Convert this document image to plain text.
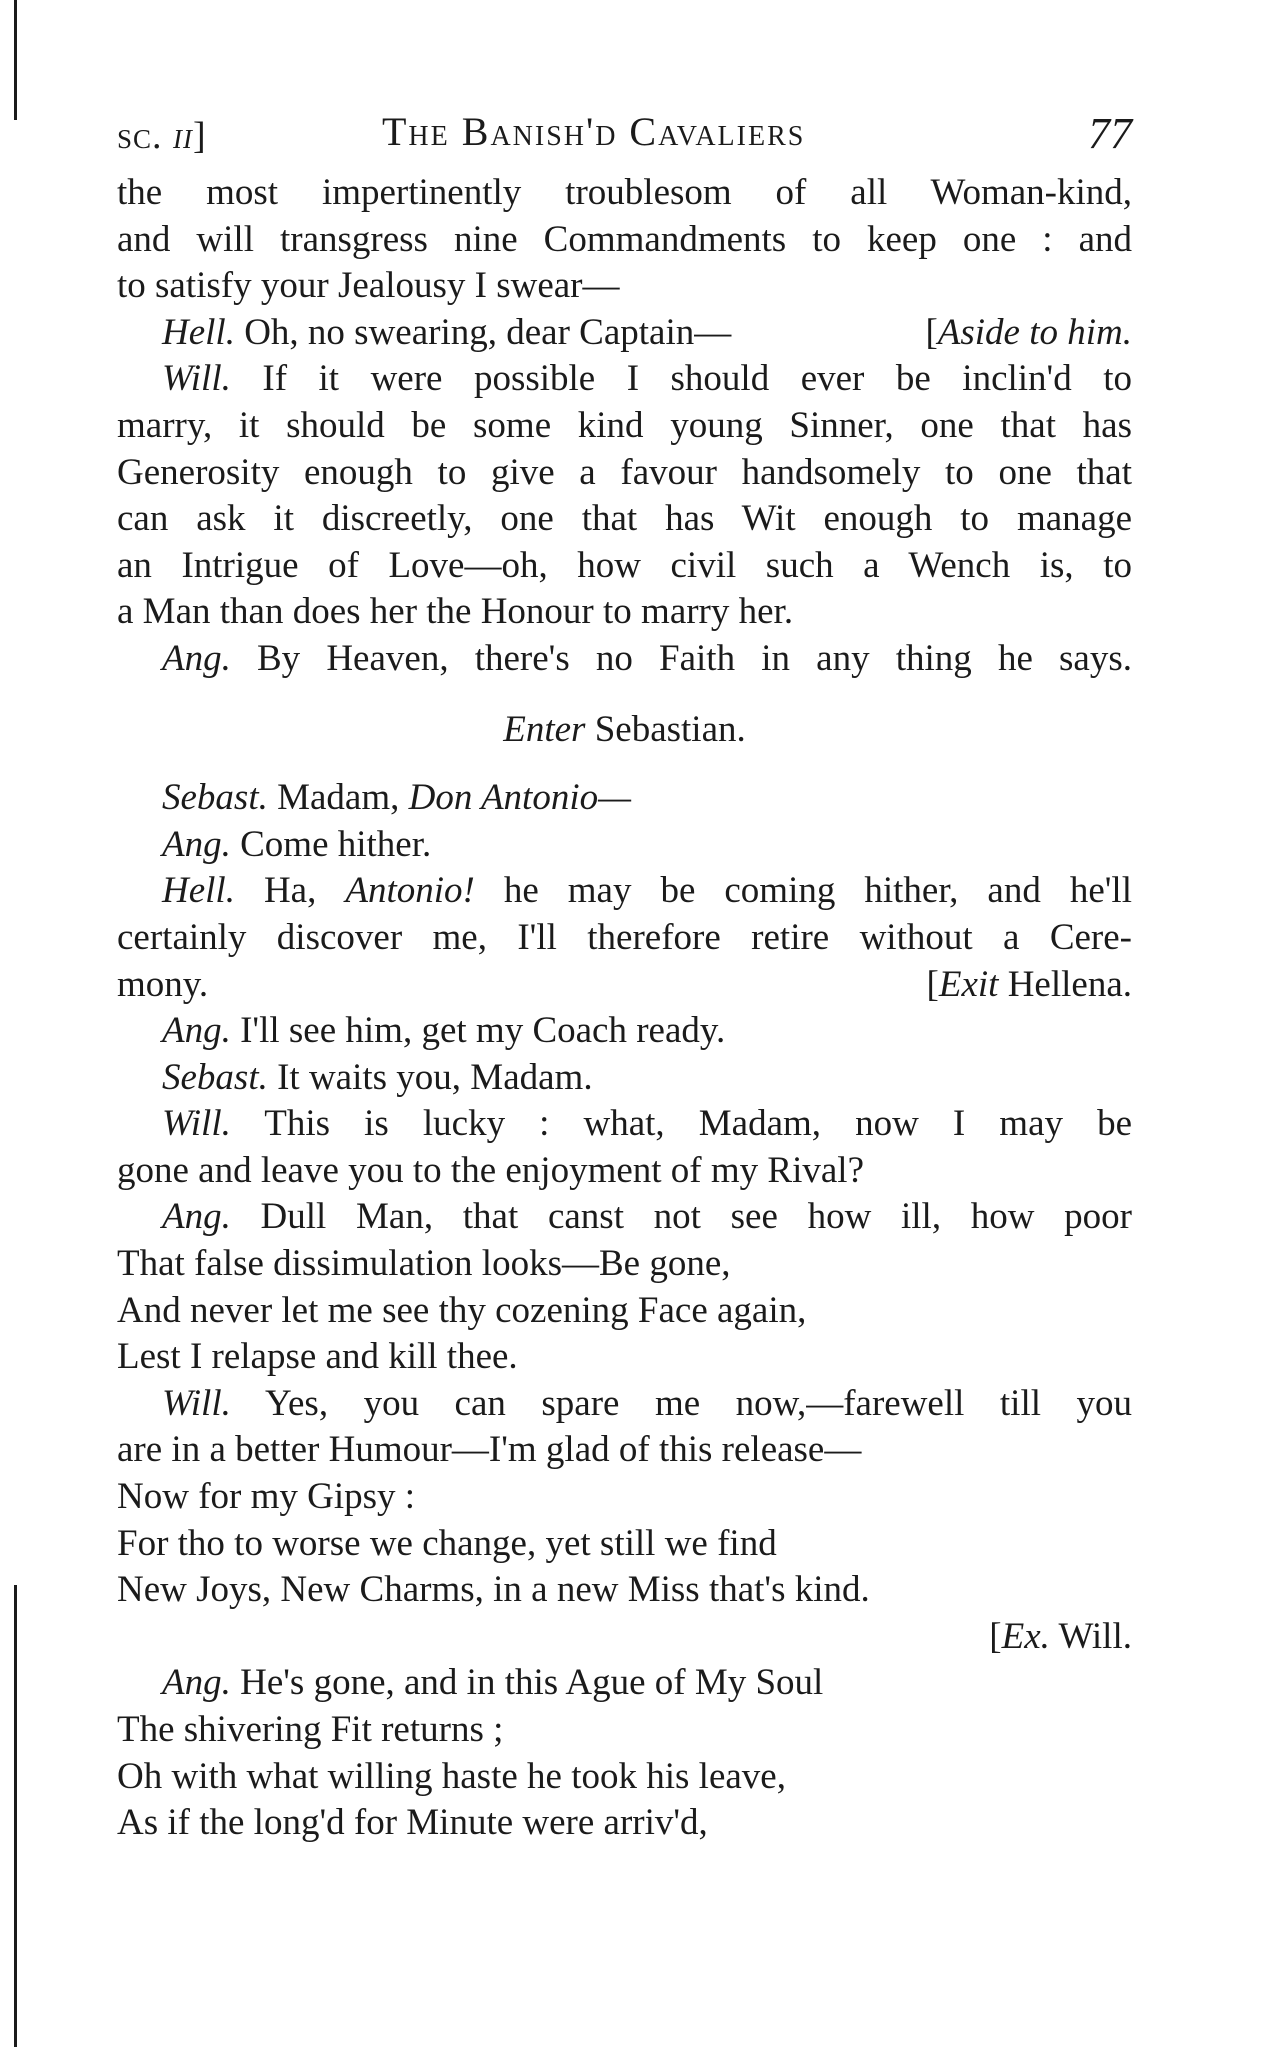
sc. ii]	The Banish'd Cavaliers	77
the most impertinently troublesom of all Woman-kind,
and will transgress nine Commandments to keep one : and
to satisfy your Jealousy I swear—
Hell. Oh, no swearing, dear Captain—	[Aside to him.
Will. If it were possible I should ever be inclin'd to
marry, it should be some kind young Sinner, one that has
Generosity enough to give a favour handsomely to one that
can ask it discreetly, one that has Wit enough to manage
an Intrigue of Love—oh, how civil such a Wench is, to
a Man than does her the Honour to marry her.
Ang. By Heaven, there's no Faith in any thing he says.
Enter Sebastian.
Sebast. Madam, Don Antonio—
Ang. Come hither.
Hell. Ha, Antonio! he may be coming hither, and he'll
certainly discover me, I'll therefore retire without a Cere-
mony.	[Exit Hellena.
Ang. I'll see him, get my Coach ready.
Sebast. It waits you, Madam.
Will. This is lucky : what, Madam, now I may be
gone and leave you to the enjoyment of my Rival?
Ang. Dull Man, that canst not see how ill, how poor
That false dissimulation looks—Be gone,
And never let me see thy cozening Face again,
Lest I relapse and kill thee.
Will. Yes, you can spare me now,—farewell till you
are in a better Humour—I'm glad of this release—
Now for my Gipsy :
For tho to worse we change, yet still we find
New Joys, New Charms, in a new Miss that's kind.
[Ex. Will.
Ang. He's gone, and in this Ague of My Soul
The shivering Fit returns ;
Oh with what willing haste he took his leave,
As if the long'd for Minute were arriv'd,
